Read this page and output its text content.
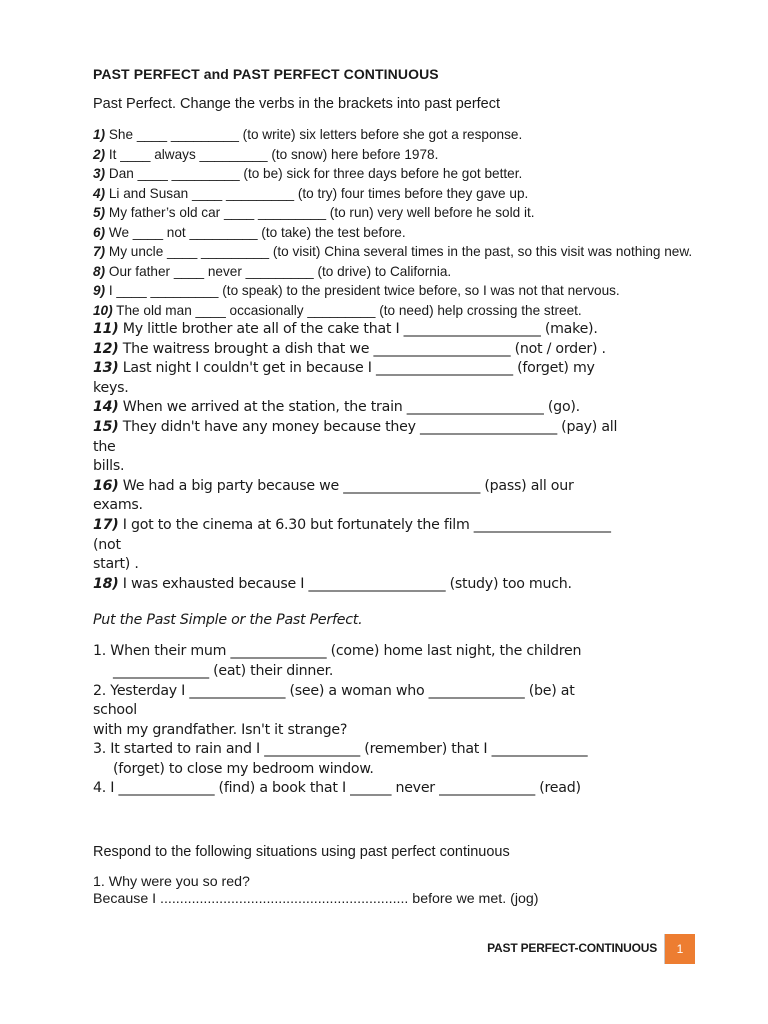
PAST PERFECT and PAST PERFECT CONTINUOUS
Past Perfect. Change the verbs in the brackets into past perfect

1) She ____ _________ (to write) six letters before she got a response.

2) It ____ always _________ (to snow) here before 1978.

3) Dan ____ _________ (to be) sick for three days before he got better.

4) Li and Susan ____ _________ (to try) four times before they gave up.

5) My father’s old car ____ _________ (to run) very well before he sold it.

6) We ____ not _________ (to take) the test before.

7) My uncle ____ _________ (to visit) China several times in the past, so this visit was nothing new.

8) Our father ____ never _________ (to drive) to California.

9) I ____ _________ (to speak) to the president twice before, so I was not that nervous.

10) The old man ____ occasionally _________ (to need) help crossing the street.

11) My little brother ate all of the cake that I ____________________ (make).

12) The waitress brought a dish that we ____________________ (not / order) .

13) Last night I couldn't get in because I ____________________ (forget) my
keys.

14) When we arrived at the station, the train ____________________ (go).

15) They didn't have any money because they ____________________ (pay) all
the
bills.

16) We had a big party because we ____________________ (pass) all our
exams.

17) I got to the cinema at 6.30 but fortunately the film ____________________
(not
start) .

18) I was exhausted because I ____________________ (study) too much.

Put the Past Simple or the Past Perfect.

1. When their mum ______________ (come) home last night, the children
______________ (eat) their dinner.

2. Yesterday I ______________ (see) a woman who ______________ (be) at
school
with my grandfather. Isn't it strange?

3. It started to rain and I ______________ (remember) that I ______________
(forget) to close my bedroom window.

4. I ______________ (find) a book that I ______ never ______________ (read)

Respond to the following situations using past perfect continuous

1. Why were you so red?

Because I ............................................................... before we met. (jog)

PAST PERFECT-CONTINUOUS	1
